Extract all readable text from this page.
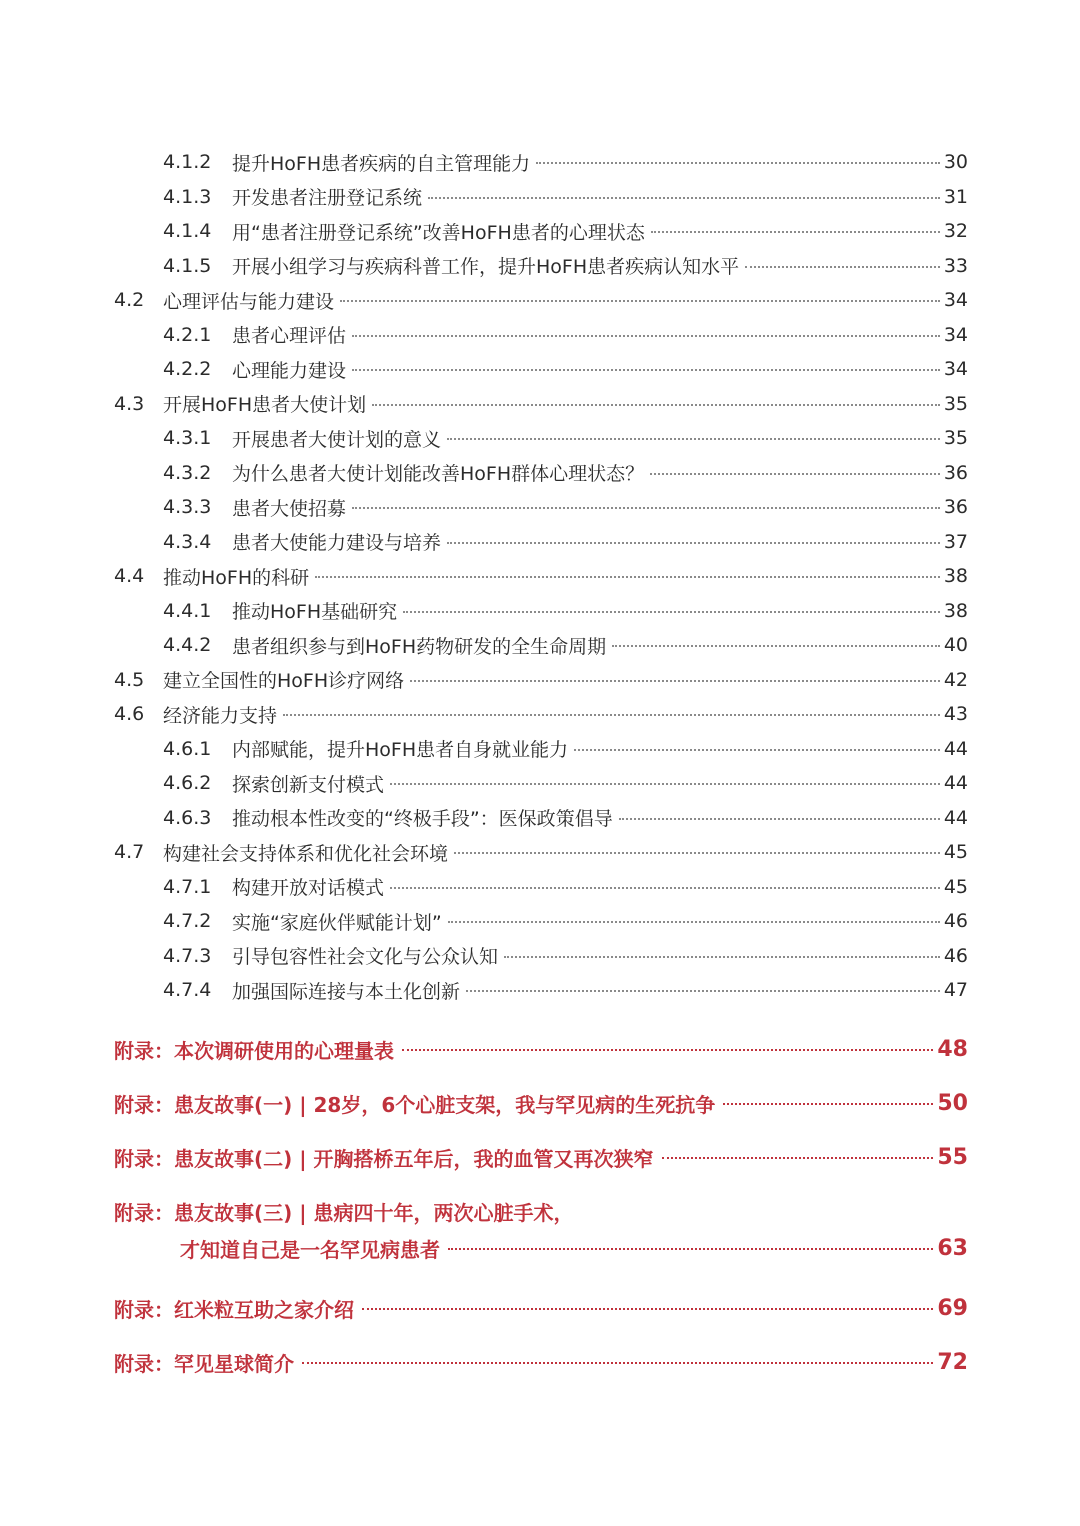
4.1.2	提升HoFH患者疾病的自主管理能力	30
4.1.3	开发患者注册登记系统	31
4.1.4	用“患者注册登记系统”改善HoFH患者的心理状态	32
4.1.5	开展小组学习与疾病科普工作，提升HoFH患者疾病认知水平	33
4.2 心理评估与能力建设	34
4.2.1	患者心理评估	34
4.2.2	心理能力建设	34
4.3 开展HoFH患者大使计划	35
4.3.1	开展患者大使计划的意义	35
4.3.2	为什么患者大使计划能改善HoFH群体心理状态？	36
4.3.3	患者大使招募	36
4.3.4	患者大使能力建设与培养	37
4.4 推动HoFH的科研	38
4.4.1	推动HoFH基础研究	38
4.4.2	患者组织参与到HoFH药物研发的全生命周期	40
4.5 建立全国性的HoFH诊疗网络	42
4.6 经济能力支持	43
4.6.1	内部赋能，提升HoFH患者自身就业能力	44
4.6.2	探索创新支付模式	44
4.6.3	推动根本性改变的“终极手段”：医保政策倡导	44
4.7 构建社会支持体系和优化社会环境	45
4.7.1	构建开放对话模式	45
4.7.2	实施“家庭伙伴赋能计划”	46
4.7.3	引导包容性社会文化与公众认知	46
4.7.4	加强国际连接与本土化创新	47
附录：本次调研使用的心理量表	48
附录：患友故事(一) | 28岁，6个心脏支架，我与罕见病的生死抗争	50
附录：患友故事(二) | 开胸搭桥五年后，我的血管又再次狭窄	55
附录：患友故事(三) | 患病四十年，两次心脏手术，
才知道自己是一名罕见病患者	63
附录：红米粒互助之家介绍	69
附录：罕见星球简介	72
